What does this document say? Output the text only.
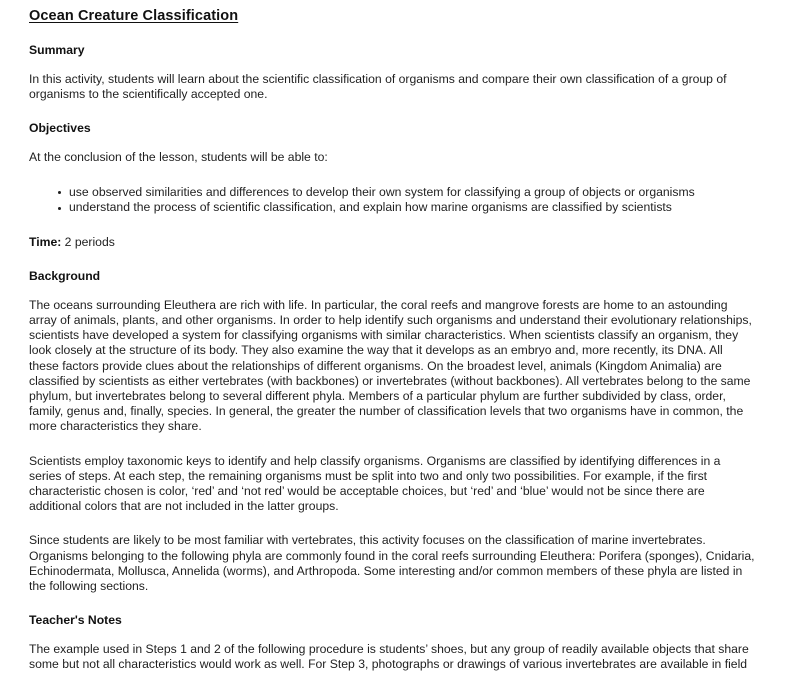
Ocean Creature Classification
Summary

In this activity, students will learn about the scientific classification of organisms and compare their own classification of a group of organisms to the scientifically accepted one.

Objectives

At the conclusion of the lesson, students will be able to:

use observed similarities and differences to develop their own system for classifying a group of objects or organisms
understand the process of scientific classification, and explain how marine organisms are classified by scientists
Time: 2 periods
Background

The oceans surrounding Eleuthera are rich with life. In particular, the coral reefs and mangrove forests are home to an astounding array of animals, plants, and other organisms. In order to help identify such organisms and understand their evolutionary relationships, scientists have developed a system for classifying organisms with similar characteristics. When scientists classify an organism, they look closely at the structure of its body. They also examine the way that it develops as an embryo and, more recently, its DNA. All these factors provide clues about the relationships of different organisms. On the broadest level, animals (Kingdom Animalia) are classified by scientists as either vertebrates (with backbones) or invertebrates (without backbones). All vertebrates belong to the same phylum, but invertebrates belong to several different phyla. Members of a particular phylum are further subdivided by class, order, family, genus and, finally, species. In general, the greater the number of classification levels that two organisms have in common, the more characteristics they share.

Scientists employ taxonomic keys to identify and help classify organisms. Organisms are classified by identifying differences in a series of steps. At each step, the remaining organisms must be split into two and only two possibilities. For example, if the first characteristic chosen is color, ‘red’ and ‘not red’ would be acceptable choices, but ‘red’ and ‘blue’ would not be since there are additional colors that are not included in the latter groups.

Since students are likely to be most familiar with vertebrates, this activity focuses on the classification of marine invertebrates. Organisms belonging to the following phyla are commonly found in the coral reefs surrounding Eleuthera: Porifera (sponges), Cnidaria, Echinodermata, Mollusca, Annelida (worms), and Arthropoda. Some interesting and/or common members of these phyla are listed in the following sections.

Teacher's Notes

The example used in Steps 1 and 2 of the following procedure is students’ shoes, but any group of readily available objects that share some but not all characteristics would work as well. For Step 3, photographs or drawings of various invertebrates are available in field
